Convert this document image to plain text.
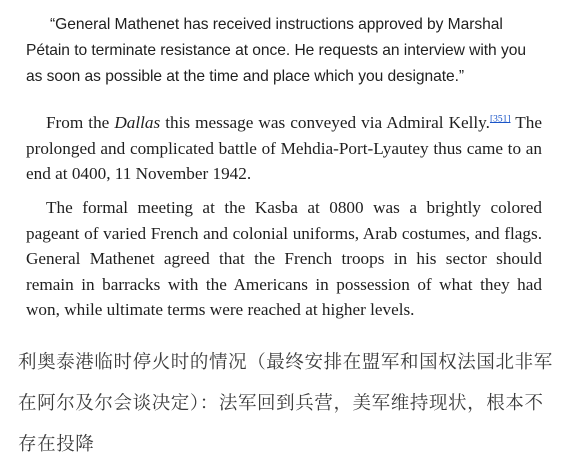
“General Mathenet has received instructions approved by Marshal Pétain to terminate resistance at once. He requests an interview with you as soon as possible at the time and place which you designate.”

From the Dallas this message was conveyed via Admiral Kelly.[351] The prolonged and complicated battle of Mehdia-Port-Lyautey thus came to an end at 0400, 11 November 1942.

The formal meeting at the Kasba at 0800 was a brightly colored pageant of varied French and colonial uniforms, Arab costumes, and flags. General Mathenet agreed that the French troops in his sector should remain in barracks with the Americans in possession of what they had won, while ultimate terms were reached at higher levels.

利奥泰港临时停火时的情况（最终安排在盟军和国权法国北非军在阿尔及尔会谈决定）：法军回到兵营，美军维持现状，根本不存在投降
